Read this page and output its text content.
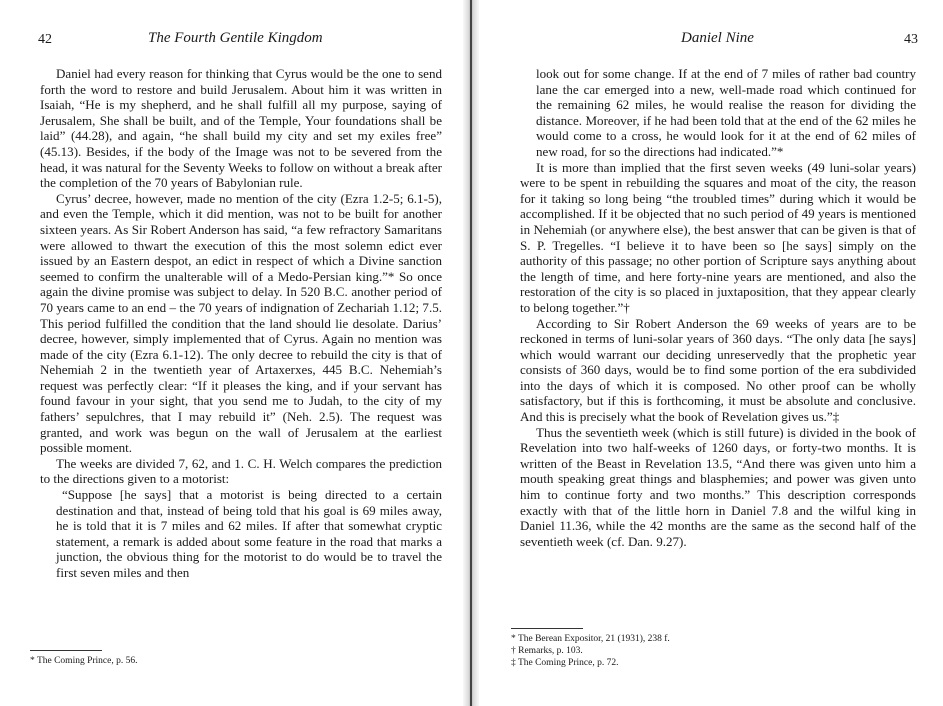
42	The Fourth Gentile Kingdom

Daniel had every reason for thinking that Cyrus would be the one to send forth the word to restore and build Jerusalem. About him it was written in Isaiah, “He is my shepherd, and he shall fulfill all my purpose, saying of Jerusalem, She shall be built, and of the Temple, Your foundations shall be laid” (44.28), and again, “he shall build my city and set my exiles free” (45.13). Besides, if the body of the Image was not to be severed from the head, it was natural for the Seventy Weeks to follow on without a break after the completion of the 70 years of Babylonian rule.

Cyrus’ decree, however, made no mention of the city (Ezra 1.2-5; 6.1-5), and even the Temple, which it did mention, was not to be built for another sixteen years. As Sir Robert Anderson has said, “a few refractory Samaritans were allowed to thwart the execution of this the most solemn edict ever issued by an Eastern despot, an edict in respect of which a Divine sanction seemed to confirm the unalterable will of a Medo-Persian king.”* So once again the divine promise was subject to delay. In 520 B.C. another period of 70 years came to an end – the 70 years of indignation of Zechariah 1.12; 7.5. This period fulfilled the condition that the land should lie desolate. Darius’ decree, however, simply implemented that of Cyrus. Again no mention was made of the city (Ezra 6.1-12). The only decree to rebuild the city is that of Nehemiah 2 in the twentieth year of Artaxerxes, 445 B.C. Nehemiah’s request was perfectly clear: “If it pleases the king, and if your servant has found favour in your sight, that you send me to Judah, to the city of my fathers’ sepulchres, that I may rebuild it” (Neh. 2.5). The request was granted, and work was begun on the wall of Jerusalem at the earliest possible moment.

The weeks are divided 7, 62, and 1. C. H. Welch compares the prediction to the directions given to a motorist:

“Suppose [he says] that a motorist is being directed to a certain destination and that, instead of being told that his goal is 69 miles away, he is told that it is 7 miles and 62 miles. If after that somewhat cryptic statement, a remark is added about some feature in the road that marks a junction, the obvious thing for the motorist to do would be to travel the first seven miles and then

* The Coming Prince, p. 56.
Daniel Nine	43

look out for some change. If at the end of 7 miles of rather bad country lane the car emerged into a new, well-made road which continued for the remaining 62 miles, he would realise the reason for dividing the distance. Moreover, if he had been told that at the end of the 62 miles he would come to a cross, he would look for it at the end of 62 miles of new road, for so the directions had indicated.”*

It is more than implied that the first seven weeks (49 luni-solar years) were to be spent in rebuilding the squares and moat of the city, the reason for it taking so long being “the troubled times” during which it would be accomplished. If it be objected that no such period of 49 years is mentioned in Nehemiah (or anywhere else), the best answer that can be given is that of S. P. Tregelles. “I believe it to have been so [he says] simply on the authority of this passage; no other portion of Scripture says anything about the length of time, and here forty-nine years are mentioned, and also the restoration of the city is so placed in juxtaposition, that they appear clearly to belong together.”†

According to Sir Robert Anderson the 69 weeks of years are to be reckoned in terms of luni-solar years of 360 days. “The only data [he says] which would warrant our deciding unreservedly that the prophetic year consists of 360 days, would be to find some portion of the era subdivided into the days of which it is composed. No other proof can be wholly satisfactory, but if this is forthcoming, it must be absolute and conclusive. And this is precisely what the book of Revelation gives us.”‡

Thus the seventieth week (which is still future) is divided in the book of Revelation into two half-weeks of 1260 days, or forty-two months. It is written of the Beast in Revelation 13.5, “And there was given unto him a mouth speaking great things and blasphemies; and power was given unto him to continue forty and two months.” This description corresponds exactly with that of the little horn in Daniel 7.8 and the wilful king in Daniel 11.36, while the 42 months are the same as the second half of the seventieth week (cf. Dan. 9.27).

* The Berean Expositor, 21 (1931), 238 f.
† Remarks, p. 103.
‡ The Coming Prince, p. 72.
